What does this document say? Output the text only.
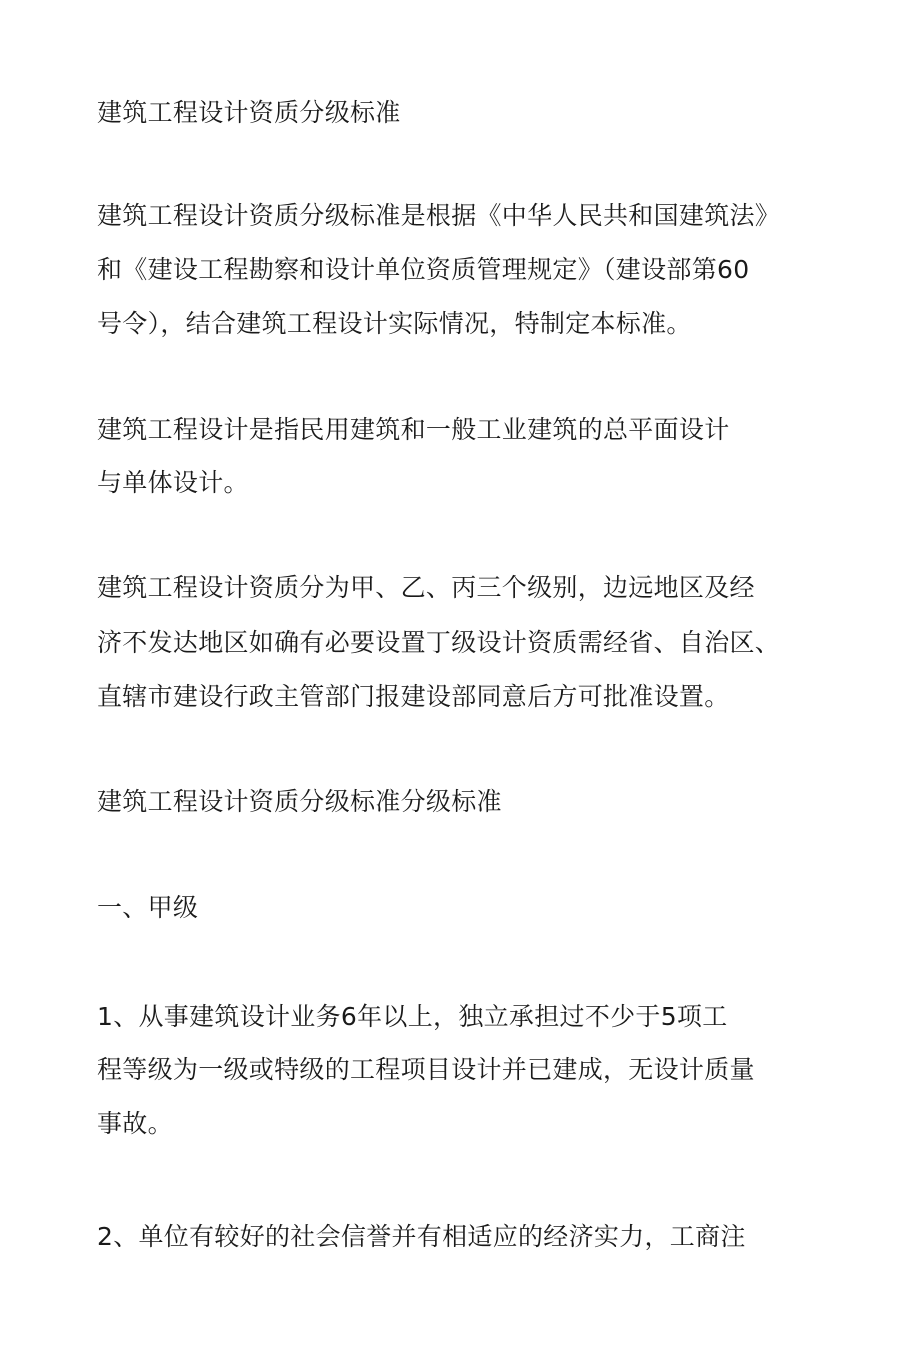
建筑工程设计资质分级标准

建筑工程设计资质分级标准是根据《中华人民共和国建筑法》

和《建设工程勘察和设计单位资质管理规定》（建设部第60

号令），结合建筑工程设计实际情况，特制定本标准。

建筑工程设计是指民用建筑和一般工业建筑的总平面设计

与单体设计。

建筑工程设计资质分为甲、乙、丙三个级别，边远地区及经

济不发达地区如确有必要设置丁级设计资质需经省、自治区、

直辖市建设行政主管部门报建设部同意后方可批准设置。

建筑工程设计资质分级标准分级标准

一、甲级

1、从事建筑设计业务6年以上，独立承担过不少于5项工

程等级为一级或特级的工程项目设计并已建成，无设计质量

事故。

2、单位有较好的社会信誉并有相适应的经济实力，工商注
